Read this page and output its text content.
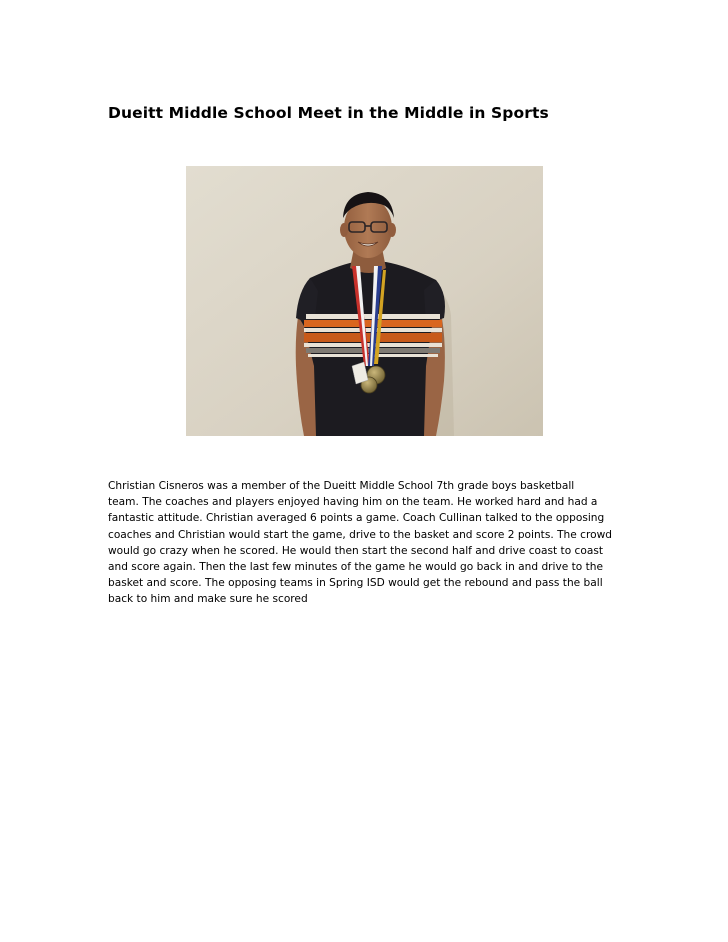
Dueitt Middle School Meet in the Middle in Sports
Christian Cisneros was a member of the Dueitt Middle School 7th grade boys basketball
team. The coaches and players enjoyed having him on the team. He worked hard and had a
fantastic attitude. Christian averaged 6 points a game. Coach Cullinan talked to the opposing
coaches and Christian would start the game, drive to the basket and score 2 points. The crowd
would go crazy when he scored. He would then start the second half and drive coast to coast
and score again. Then the last few minutes of the game he would go back in and drive to the
basket and score. The opposing teams in Spring ISD would get the rebound and pass the ball
back to him and make sure he scored
